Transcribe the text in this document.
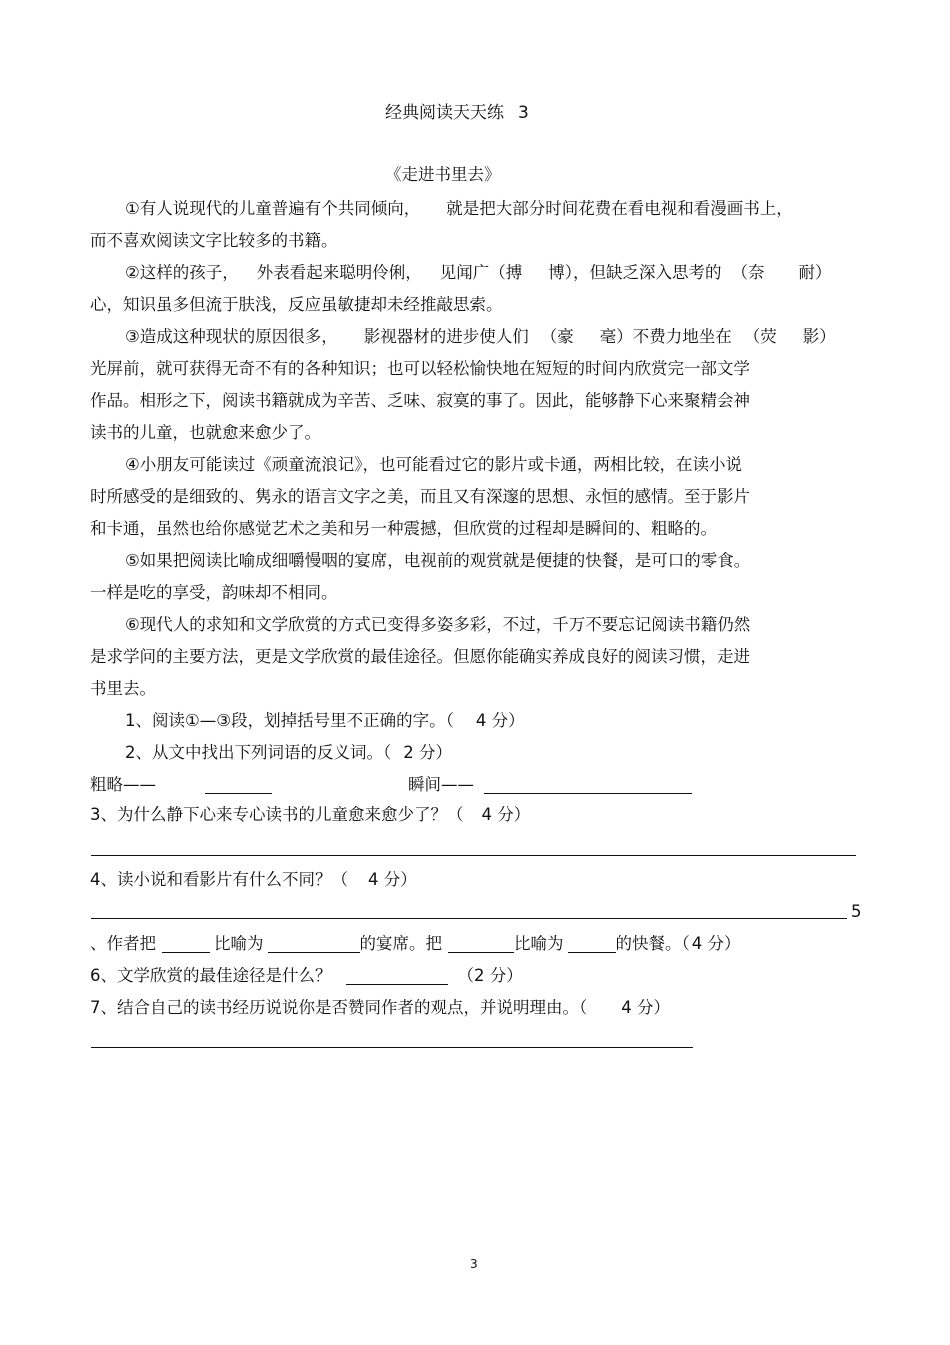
经典阅读天天练 3
《走进书里去》
①有人说现代的儿童普遍有个共同倾向， 就是把大部分时间花费在看电视和看漫画书上，
而不喜欢阅读文字比较多的书籍。
②这样的孩子， 外表看起来聪明伶俐， 见闻广（搏 博），但缺乏深入思考的 （奈 耐）
心，知识虽多但流于肤浅，反应虽敏捷却未经推敲思索。
③造成这种现状的原因很多， 影视器材的进步使人们 （豪 毫）不费力地坐在 （荧 影）
光屏前，就可获得无奇不有的各种知识；也可以轻松愉快地在短短的时间内欣赏完一部文学
作品。相形之下，阅读书籍就成为辛苦、乏味、寂寞的事了。因此，能够静下心来聚精会神
读书的儿童，也就愈来愈少了。
④小朋友可能读过《顽童流浪记》，也可能看过它的影片或卡通，两相比较，在读小说
时所感受的是细致的、隽永的语言文字之美，而且又有深邃的思想、永恒的感情。至于影片
和卡通，虽然也给你感觉艺术之美和另一种震撼，但欣赏的过程却是瞬间的、粗略的。
⑤如果把阅读比喻成细嚼慢咽的宴席，电视前的观赏就是便捷的快餐，是可口的零食。
一样是吃的享受，韵味却不相同。
⑥现代人的求知和文学欣赏的方式已变得多姿多彩，不过，千万不要忘记阅读书籍仍然
是求学问的主要方法，更是文学欣赏的最佳途径。但愿你能确实养成良好的阅读习惯，走进
书里去。
1、阅读①—③段，划掉括号里不正确的字。（ 4 分）
2、从文中找出下列词语的反义词。（ 2 分）
粗略——	瞬间——
3、为什么静下心来专心读书的儿童愈来愈少了？（ 4 分）
4、读小说和看影片有什么不同？（ 4 分）
5
、作者把	比喻为	的宴席。把	比喻为	的快餐。（ 4 分）
6、文学欣赏的最佳途径是什么？	（2 分）
7、结合自己的读书经历说说你是否赞同作者的观点，并说明理由。（ 4 分）
3
